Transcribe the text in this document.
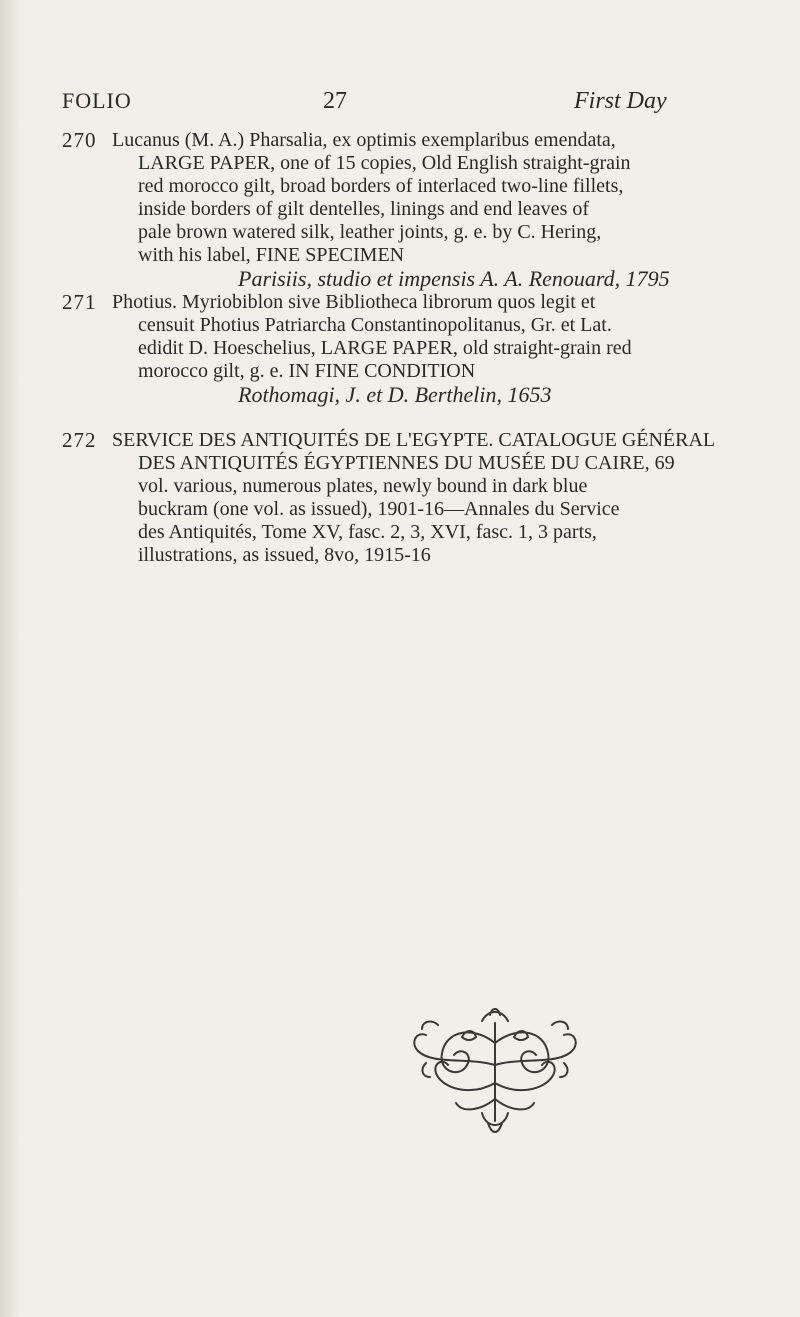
FOLIO	27	First Day
270 Lucanus (M. A.) Pharsalia, ex optimis exemplaribus emendata,
LARGE PAPER, one of 15 copies, Old English straight-grain
red morocco gilt, broad borders of interlaced two-line fillets,
inside borders of gilt dentelles, linings and end leaves of
pale brown watered silk, leather joints, g. e. by C. Hering,
with his label, FINE SPECIMEN
Parisiis, studio et impensis A. A. Renouard, 1795
271 Photius. Myriobiblon sive Bibliotheca librorum quos legit et
censuit Photius Patriarcha Constantinopolitanus, Gr. et Lat.
edidit D. Hoeschelius, LARGE PAPER, old straight-grain red
morocco gilt, g. e. IN FINE CONDITION
Rothomagi, J. et D. Berthelin, 1653
272 SERVICE DES ANTIQUITÉS DE L'EGYPTE. CATALOGUE GÉNÉRAL
DES ANTIQUITÉS ÉGYPTIENNES DU MUSÉE DU CAIRE, 69
vol. various, numerous plates, newly bound in dark blue
buckram (one vol. as issued), 1901-16—Annales du Service
des Antiquités, Tome XV, fasc. 2, 3, XVI, fasc. 1, 3 parts,
illustrations, as issued, 8vo, 1915-16
